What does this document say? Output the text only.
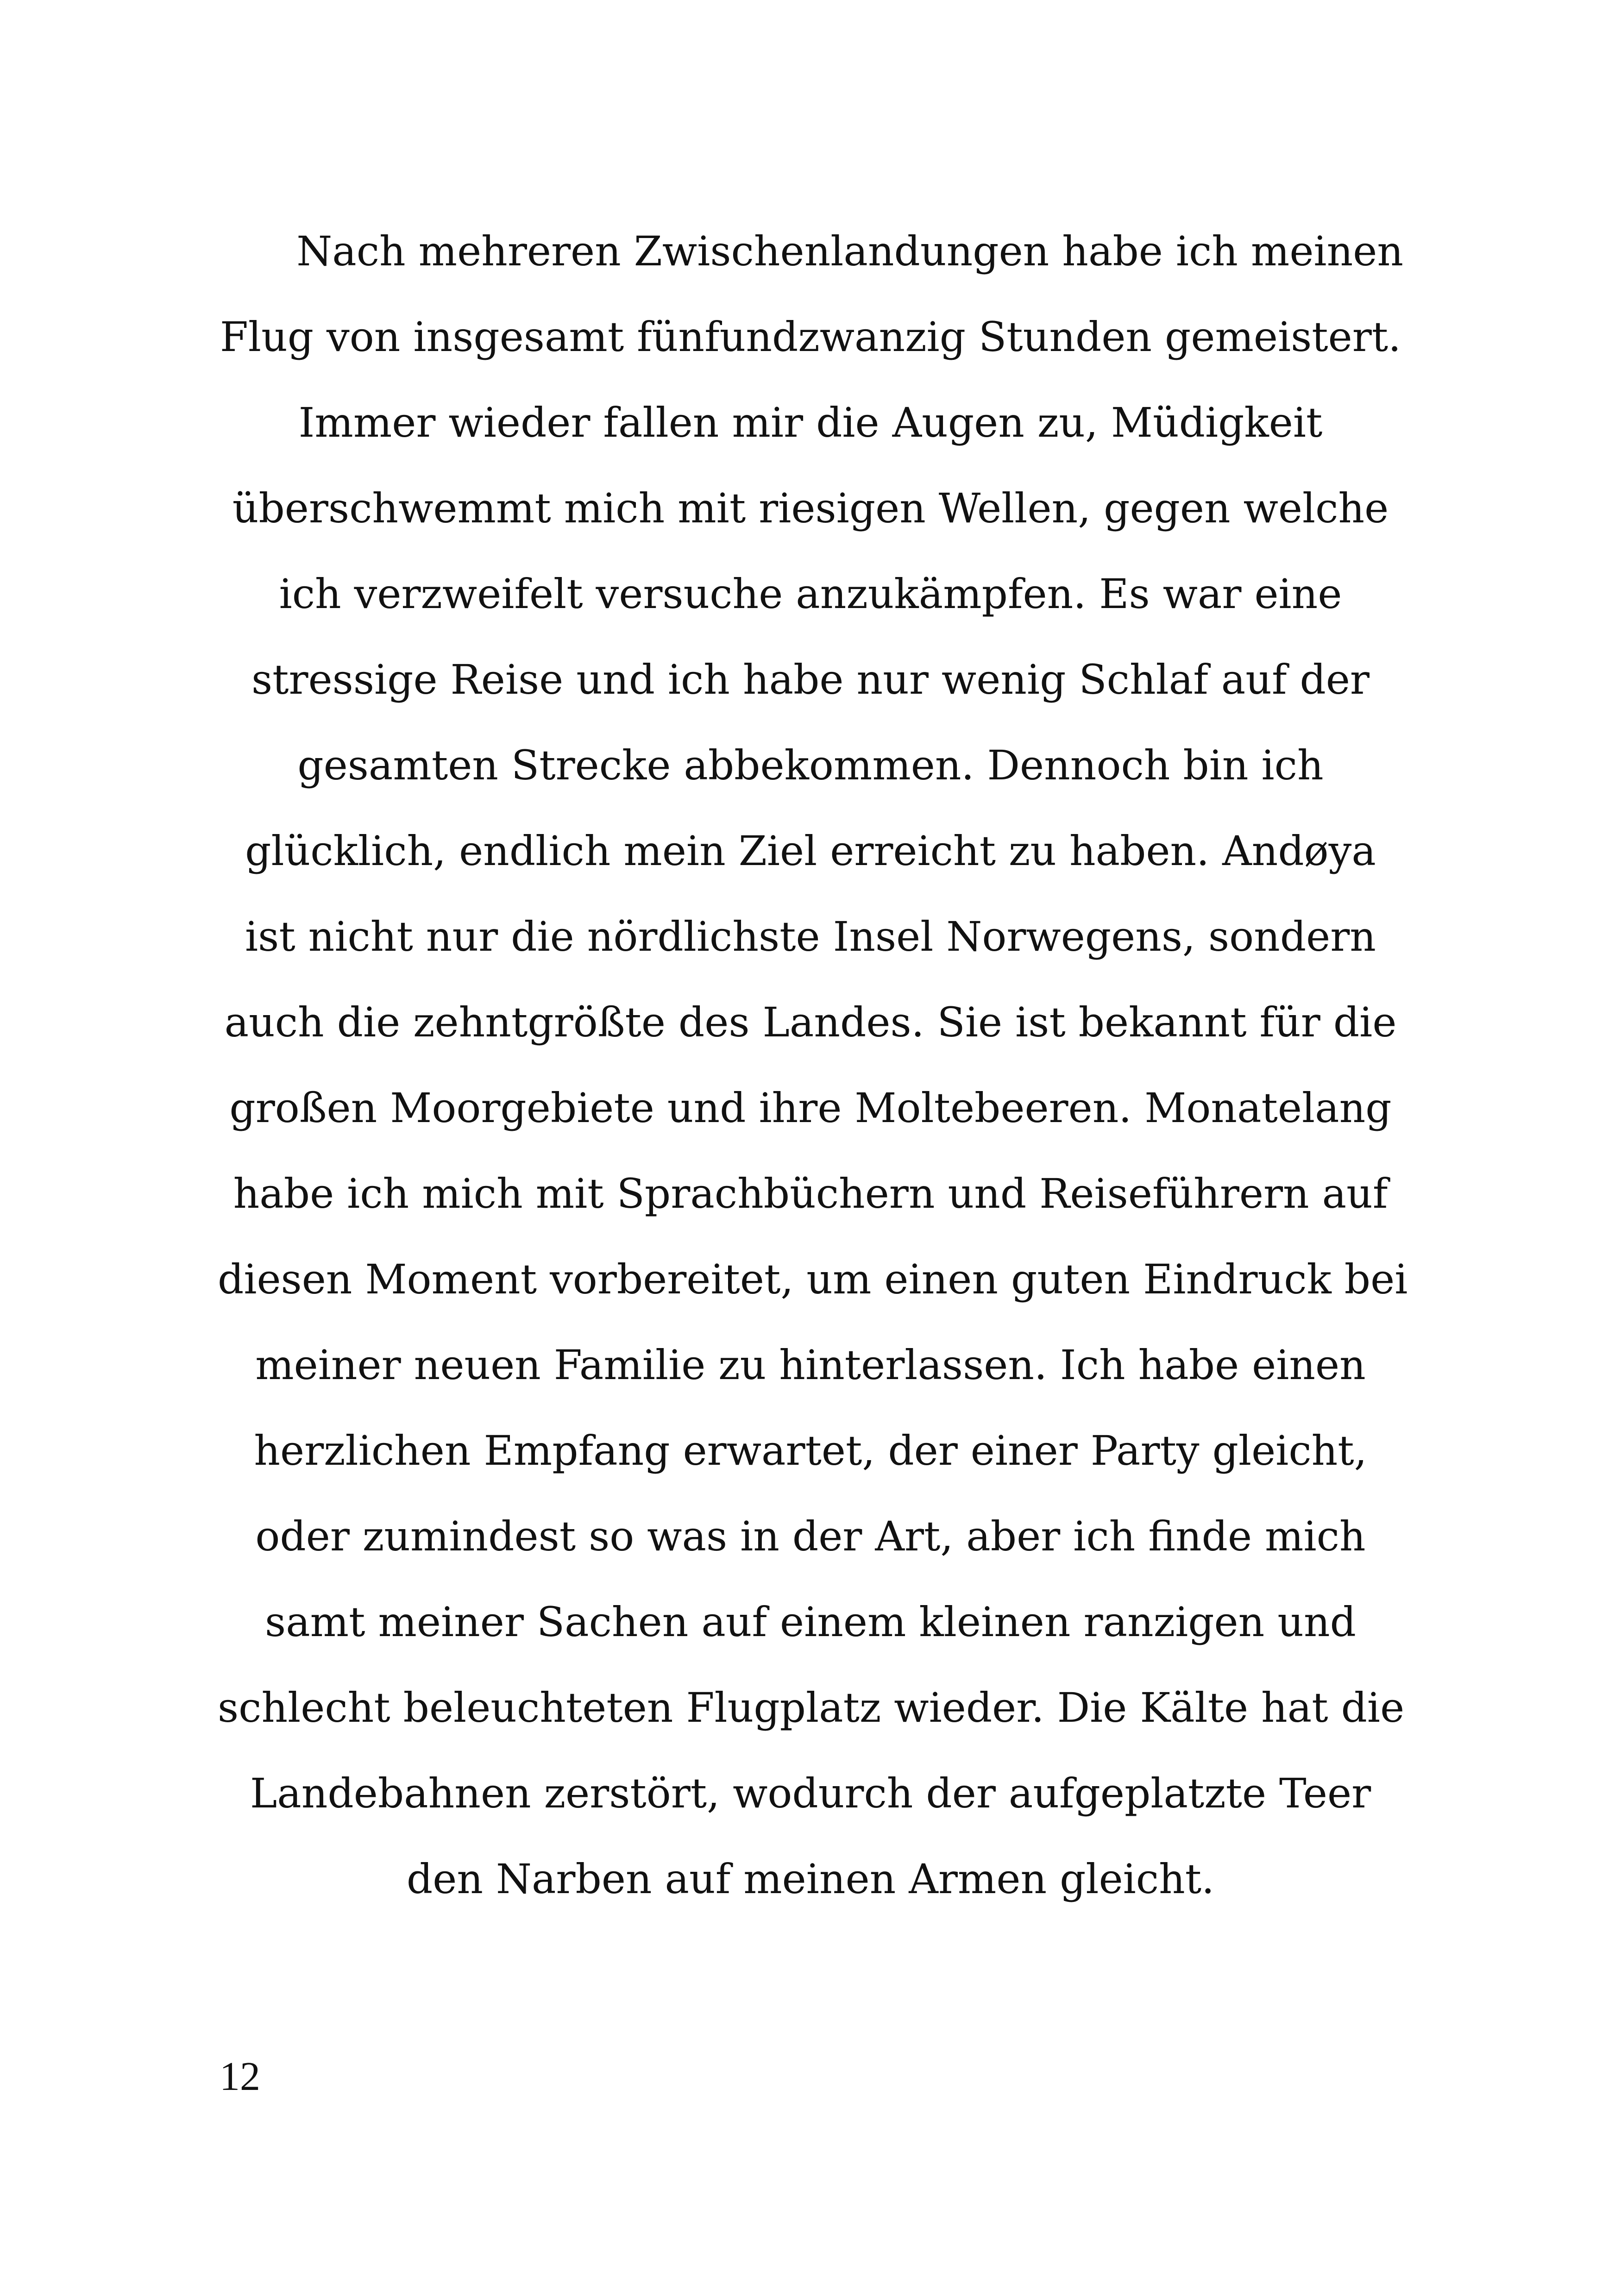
Nach mehreren Zwischenlandungen habe ich meinen
Flug von insgesamt fünfundzwanzig Stunden gemeistert.
Immer wieder fallen mir die Augen zu, Müdigkeit
überschwemmt mich mit riesigen Wellen, gegen welche
ich verzweifelt versuche anzukämpfen. Es war eine
stressige Reise und ich habe nur wenig Schlaf auf der
gesamten Strecke abbekommen. Dennoch bin ich
glücklich, endlich mein Ziel erreicht zu haben. Andøya
ist nicht nur die nördlichste Insel Norwegens, sondern
auch die zehntgrößte des Landes. Sie ist bekannt für die
großen Moorgebiete und ihre Moltebeeren. Monatelang
habe ich mich mit Sprachbüchern und Reiseführern auf
diesen Moment vorbereitet, um einen guten Eindruck bei
meiner neuen Familie zu hinterlassen. Ich habe einen
herzlichen Empfang erwartet, der einer Party gleicht,
oder zumindest so was in der Art, aber ich finde mich
samt meiner Sachen auf einem kleinen ranzigen und
schlecht beleuchteten Flugplatz wieder. Die Kälte hat die
Landebahnen zerstört, wodurch der aufgeplatzte Teer
den Narben auf meinen Armen gleicht.
12
